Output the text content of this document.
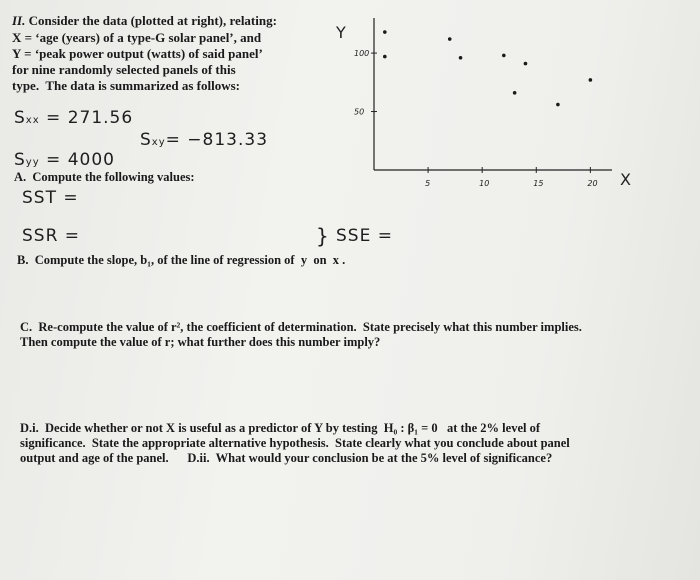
II. Consider the data (plotted at right), relating:
X = ‘age (years) of a type-G solar panel’, and
Y = ‘peak power output (watts) of said panel’
for nine randomly selected panels of this
type.  The data is summarized as follows:
Sxx = 271.56
Sxy= −813.33
Syy = 4000
A.  Compute the following values:
SST =
SSR =	} SSE =
B.  Compute the slope, b₁, of the line of regression of  y  on  x .
C.  Re-compute the value of r², the coefficient of determination.  State precisely what this number implies.
Then compute the value of r; what further does this number imply?
D.i.  Decide whether or not X is useful as a predictor of Y by testing  H₀ : β₁ = 0   at the 2% level of
significance.  State the appropriate alternative hypothesis.  State clearly what you conclude about panel
output and age of the panel.      D.ii.  What would your conclusion be at the 5% level of significance?
Y
X
5	10	15	20
50
100
